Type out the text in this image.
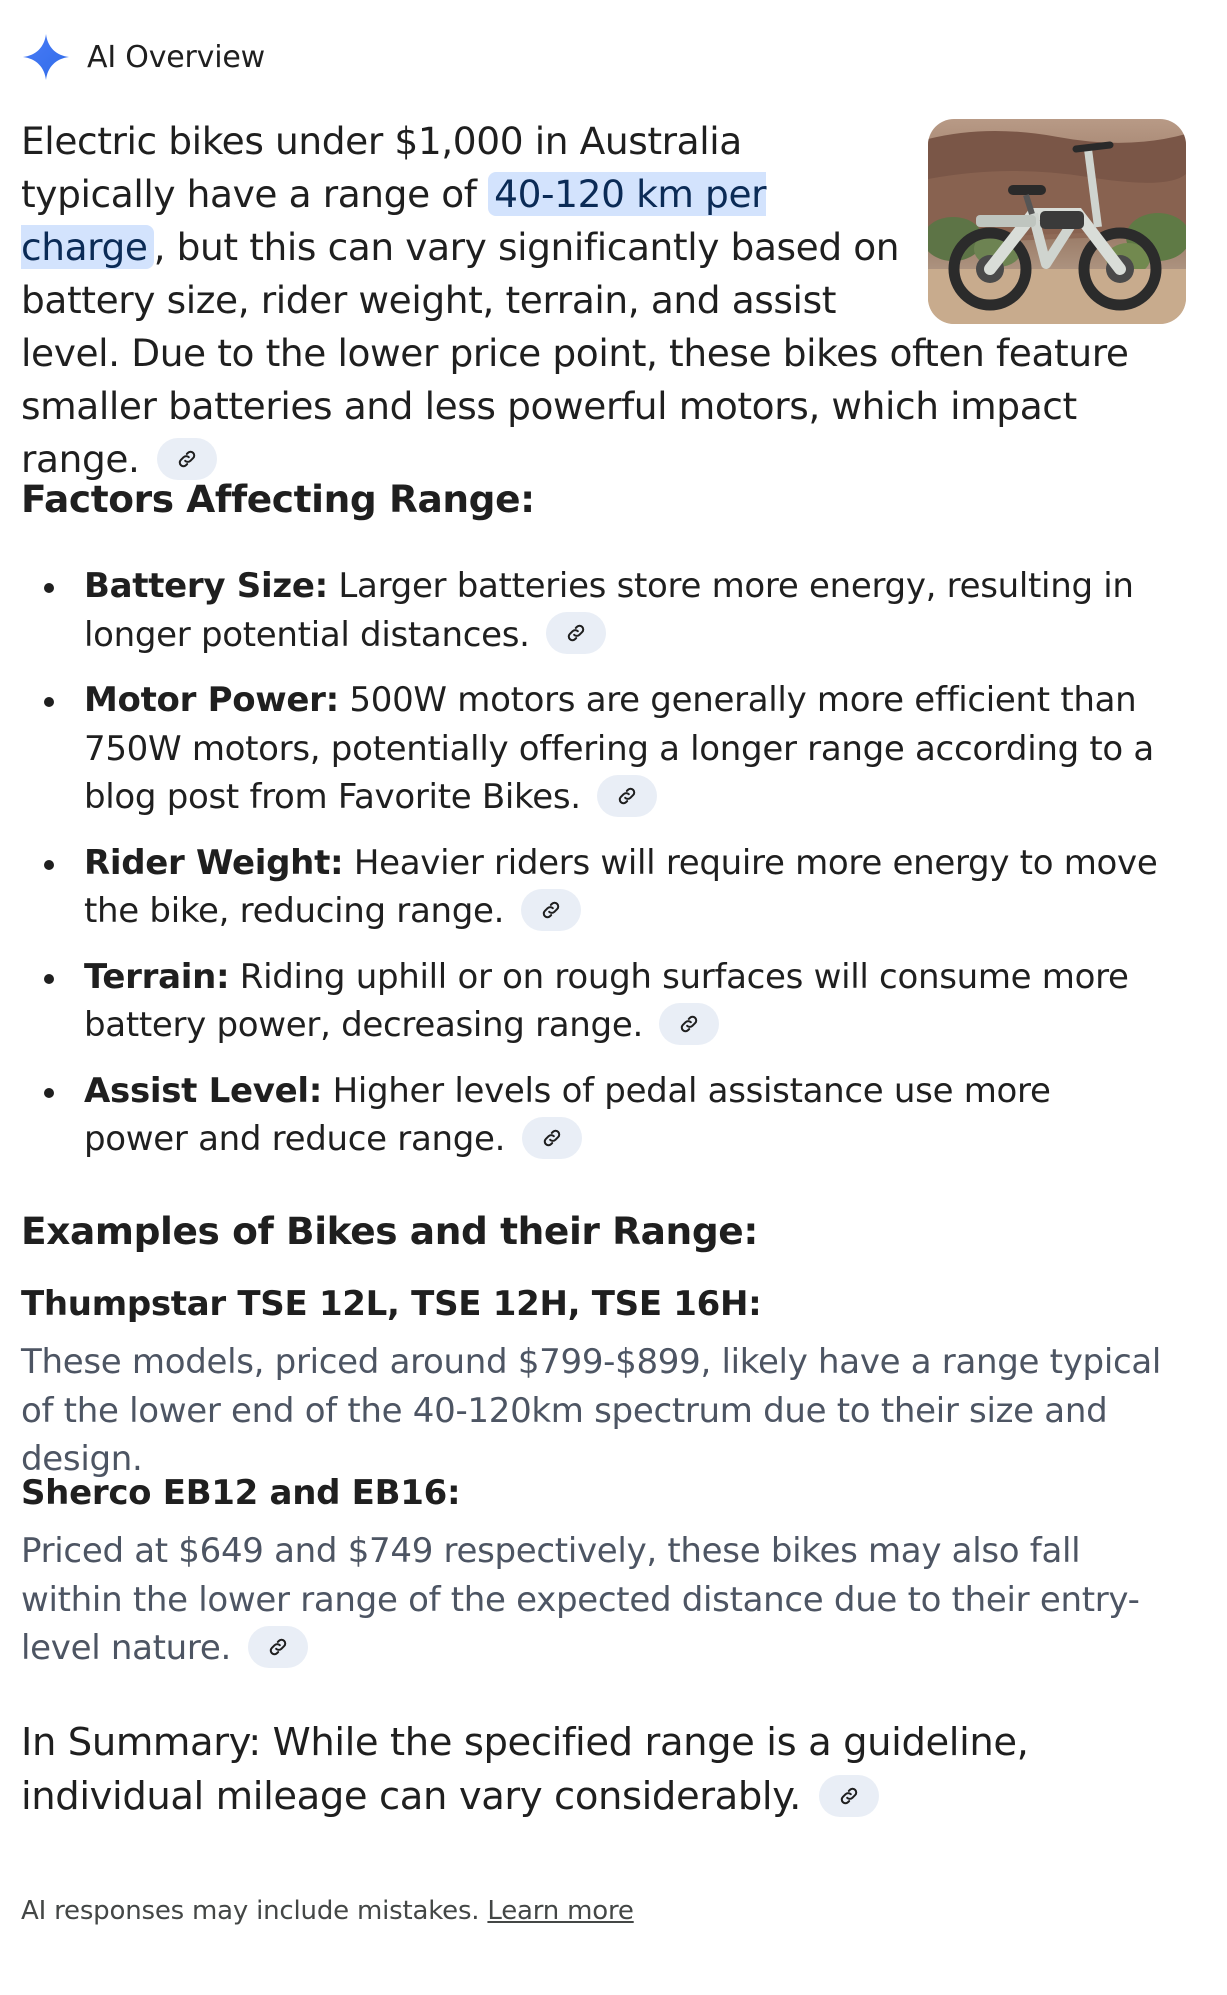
AI Overview

Electric bikes under $1,000 in Australia typically have a range of 40-120 km per charge , but this can vary significantly based on battery size, rider weight, terrain, and assist level. Due to the lower price point, these bikes often feature smaller batteries and less powerful motors, which impact range.

Factors Affecting Range:
Battery Size: Larger batteries store more energy, resulting in longer potential distances.
Motor Power: 500W motors are generally more efficient than 750W motors, potentially offering a longer range according to a blog post from Favorite Bikes.
Rider Weight: Heavier riders will require more energy to move the bike, reducing range.
Terrain: Riding uphill or on rough surfaces will consume more battery power, decreasing range.
Assist Level: Higher levels of pedal assistance use more power and reduce range.
Examples of Bikes and their Range:
Thumpstar TSE 12L, TSE 12H, TSE 16H:

These models, priced around $799-$899, likely have a range typical of the lower end of the 40-120km spectrum due to their size and design.

Sherco EB12 and EB16:

Priced at $649 and $749 respectively, these bikes may also fall within the lower range of the expected distance due to their entry-level nature.

In Summary: While the specified range is a guideline, individual mileage can vary considerably.

AI responses may include mistakes. Learn more
